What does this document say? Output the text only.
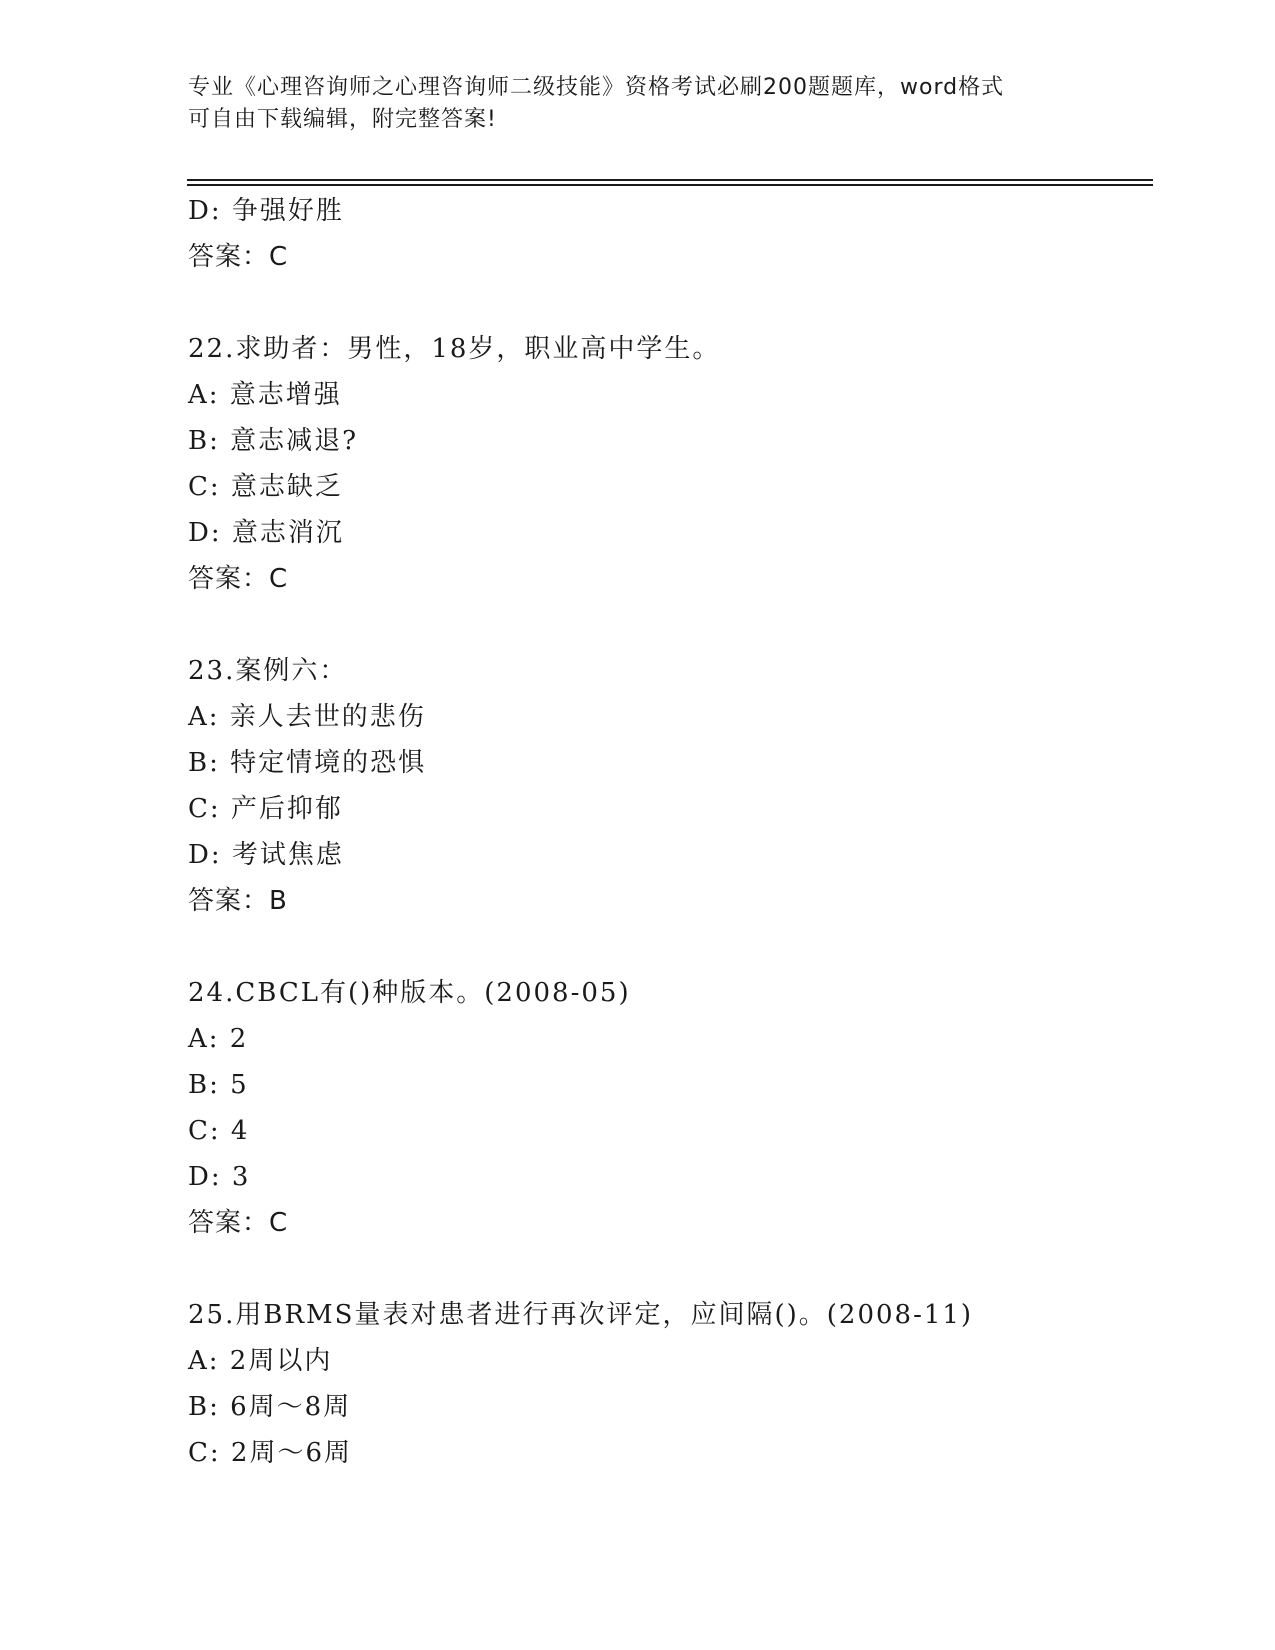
专业《心理咨询师之心理咨询师二级技能》资格考试必刷200题题库，word格式
可自由下载编辑，附完整答案!
D: 争强好胜
答案：C
22.求助者：男性，18岁，职业高中学生。
A: 意志增强
B: 意志减退?
C: 意志缺乏
D: 意志消沉
答案：C
23.案例六：
A: 亲人去世的悲伤
B: 特定情境的恐惧
C: 产后抑郁
D: 考试焦虑
答案：B
24.CBCL有()种版本。(2008-05)
A: 2
B: 5
C: 4
D: 3
答案：C
25.用BRMS量表对患者进行再次评定，应间隔()。(2008-11)
A: 2周以内
B: 6周～8周
C: 2周～6周
